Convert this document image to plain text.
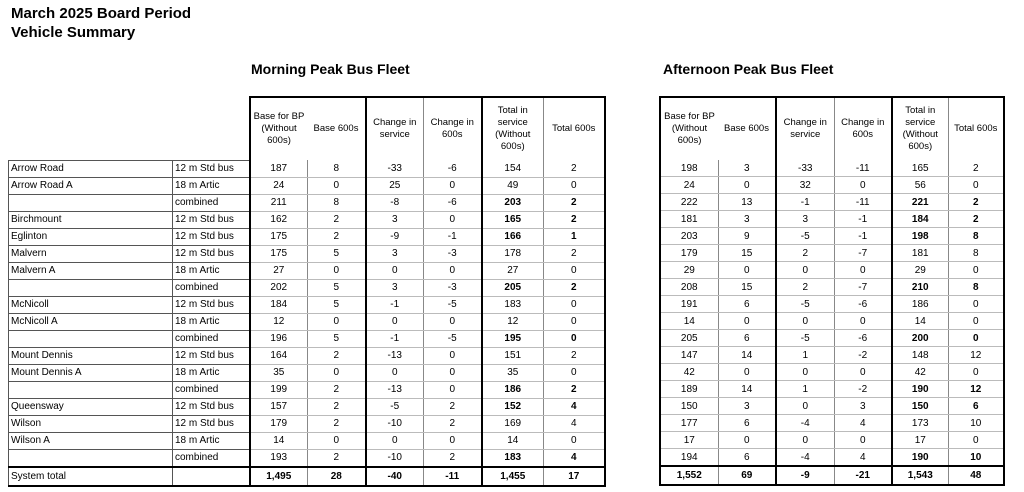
March 2025 Board Period
Vehicle Summary
Morning Peak Bus Fleet	Afternoon Peak Bus Fleet
		Base for BP (Without 600s)	Base 600s	Change in service	Change in 600s	Total in service (Without 600s)	Total 600s
Arrow Road	12 m Std bus	187	8	-33	-6	154	2
Arrow Road A	18 m Artic	24	0	25	0	49	0
	combined	211	8	-8	-6	203	2
Birchmount	12 m Std bus	162	2	3	0	165	2
Eglinton	12 m Std bus	175	2	-9	-1	166	1
Malvern	12 m Std bus	175	5	3	-3	178	2
Malvern A	18 m Artic	27	0	0	0	27	0
	combined	202	5	3	-3	205	2
McNicoll	12 m Std bus	184	5	-1	-5	183	0
McNicoll A	18 m Artic	12	0	0	0	12	0
	combined	196	5	-1	-5	195	0
Mount Dennis	12 m Std bus	164	2	-13	0	151	2
Mount Dennis A	18 m Artic	35	0	0	0	35	0
	combined	199	2	-13	0	186	2
Queensway	12 m Std bus	157	2	-5	2	152	4
Wilson	12 m Std bus	179	2	-10	2	169	4
Wilson A	18 m Artic	14	0	0	0	14	0
	combined	193	2	-10	2	183	4
System total		1,495	28	-40	-11	1,455	17
Base for BP (Without 600s)	Base 600s	Change in service	Change in 600s	Total in service (Without 600s)	Total 600s
198	3	-33	-11	165	2
24	0	32	0	56	0
222	13	-1	-11	221	2
181	3	3	-1	184	2
203	9	-5	-1	198	8
179	15	2	-7	181	8
29	0	0	0	29	0
208	15	2	-7	210	8
191	6	-5	-6	186	0
14	0	0	0	14	0
205	6	-5	-6	200	0
147	14	1	-2	148	12
42	0	0	0	42	0
189	14	1	-2	190	12
150	3	0	3	150	6
177	6	-4	4	173	10
17	0	0	0	17	0
194	6	-4	4	190	10
1,552	69	-9	-21	1,543	48
